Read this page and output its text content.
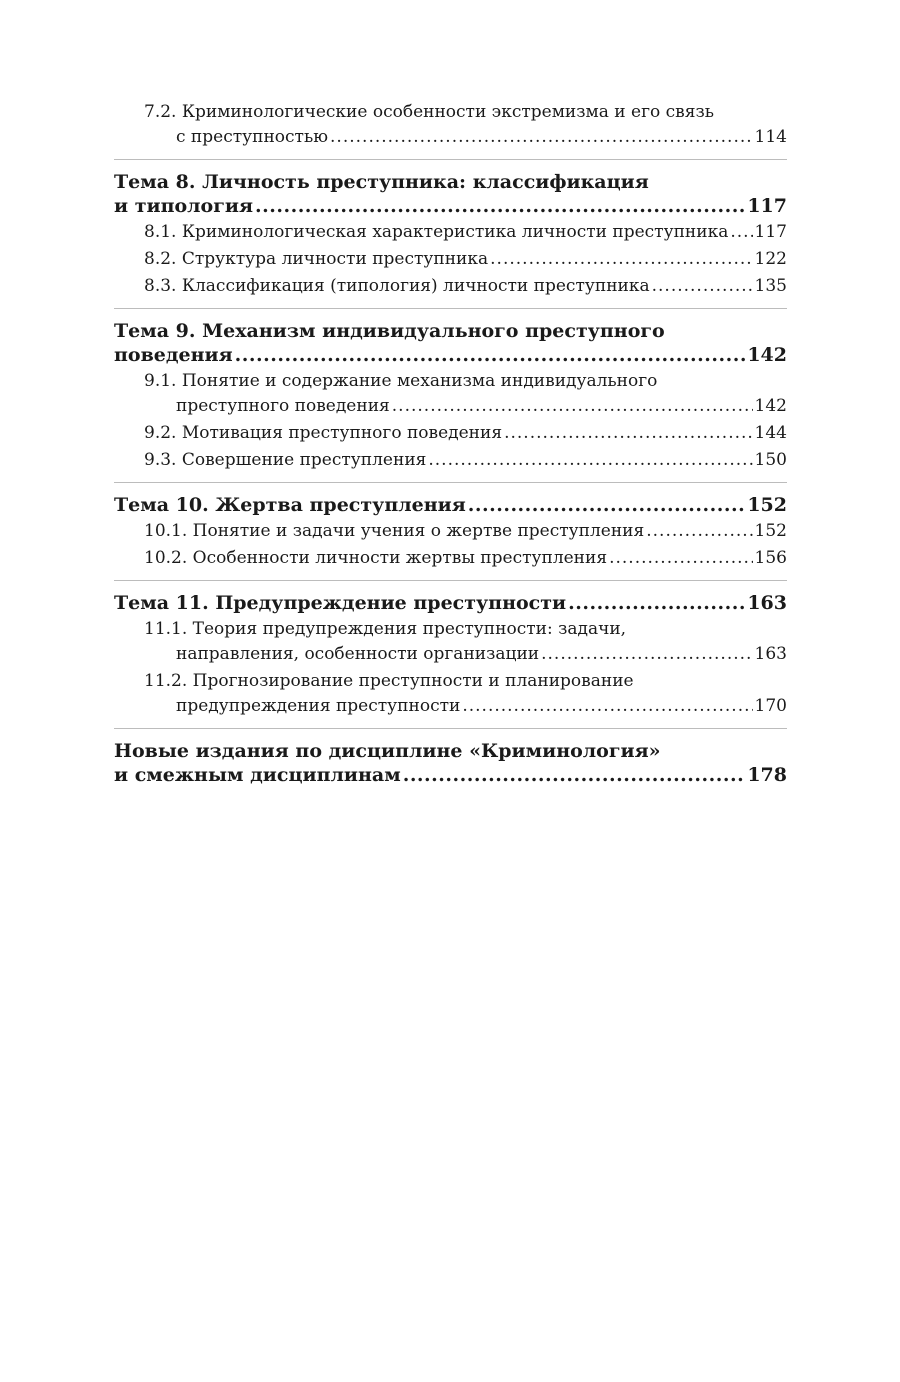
7.2. Криминологические особенности экстремизма и его связь
с преступностью .....	114
Тема 8. Личность преступника: классификация
и типология .....	117
8.1. Криминологическая характеристика личности преступника ..... 117
8.2. Структура личности преступника .....	122
8.3. Классификация (типология) личности преступника .....	135
Тема 9. Механизм индивидуального преступного
поведения .....	142
9.1. Понятие и содержание механизма индивидуального
преступного поведения .....	142
9.2. Мотивация преступного поведения .....	144
9.3. Совершение преступления .....	150
Тема 10. Жертва преступления .....	152
10.1. Понятие и задачи учения о жертве преступления .....	152
10.2. Особенности личности жертвы преступления .....	156
Тема 11. Предупреждение преступности .....	163
11.1. Теория предупреждения преступности: задачи,
направления, особенности организации .....	163
11.2. Прогнозирование преступности и планирование
предупреждения преступности .....	170
Новые издания по дисциплине «Криминология»
и смежным дисциплинам .....	178
